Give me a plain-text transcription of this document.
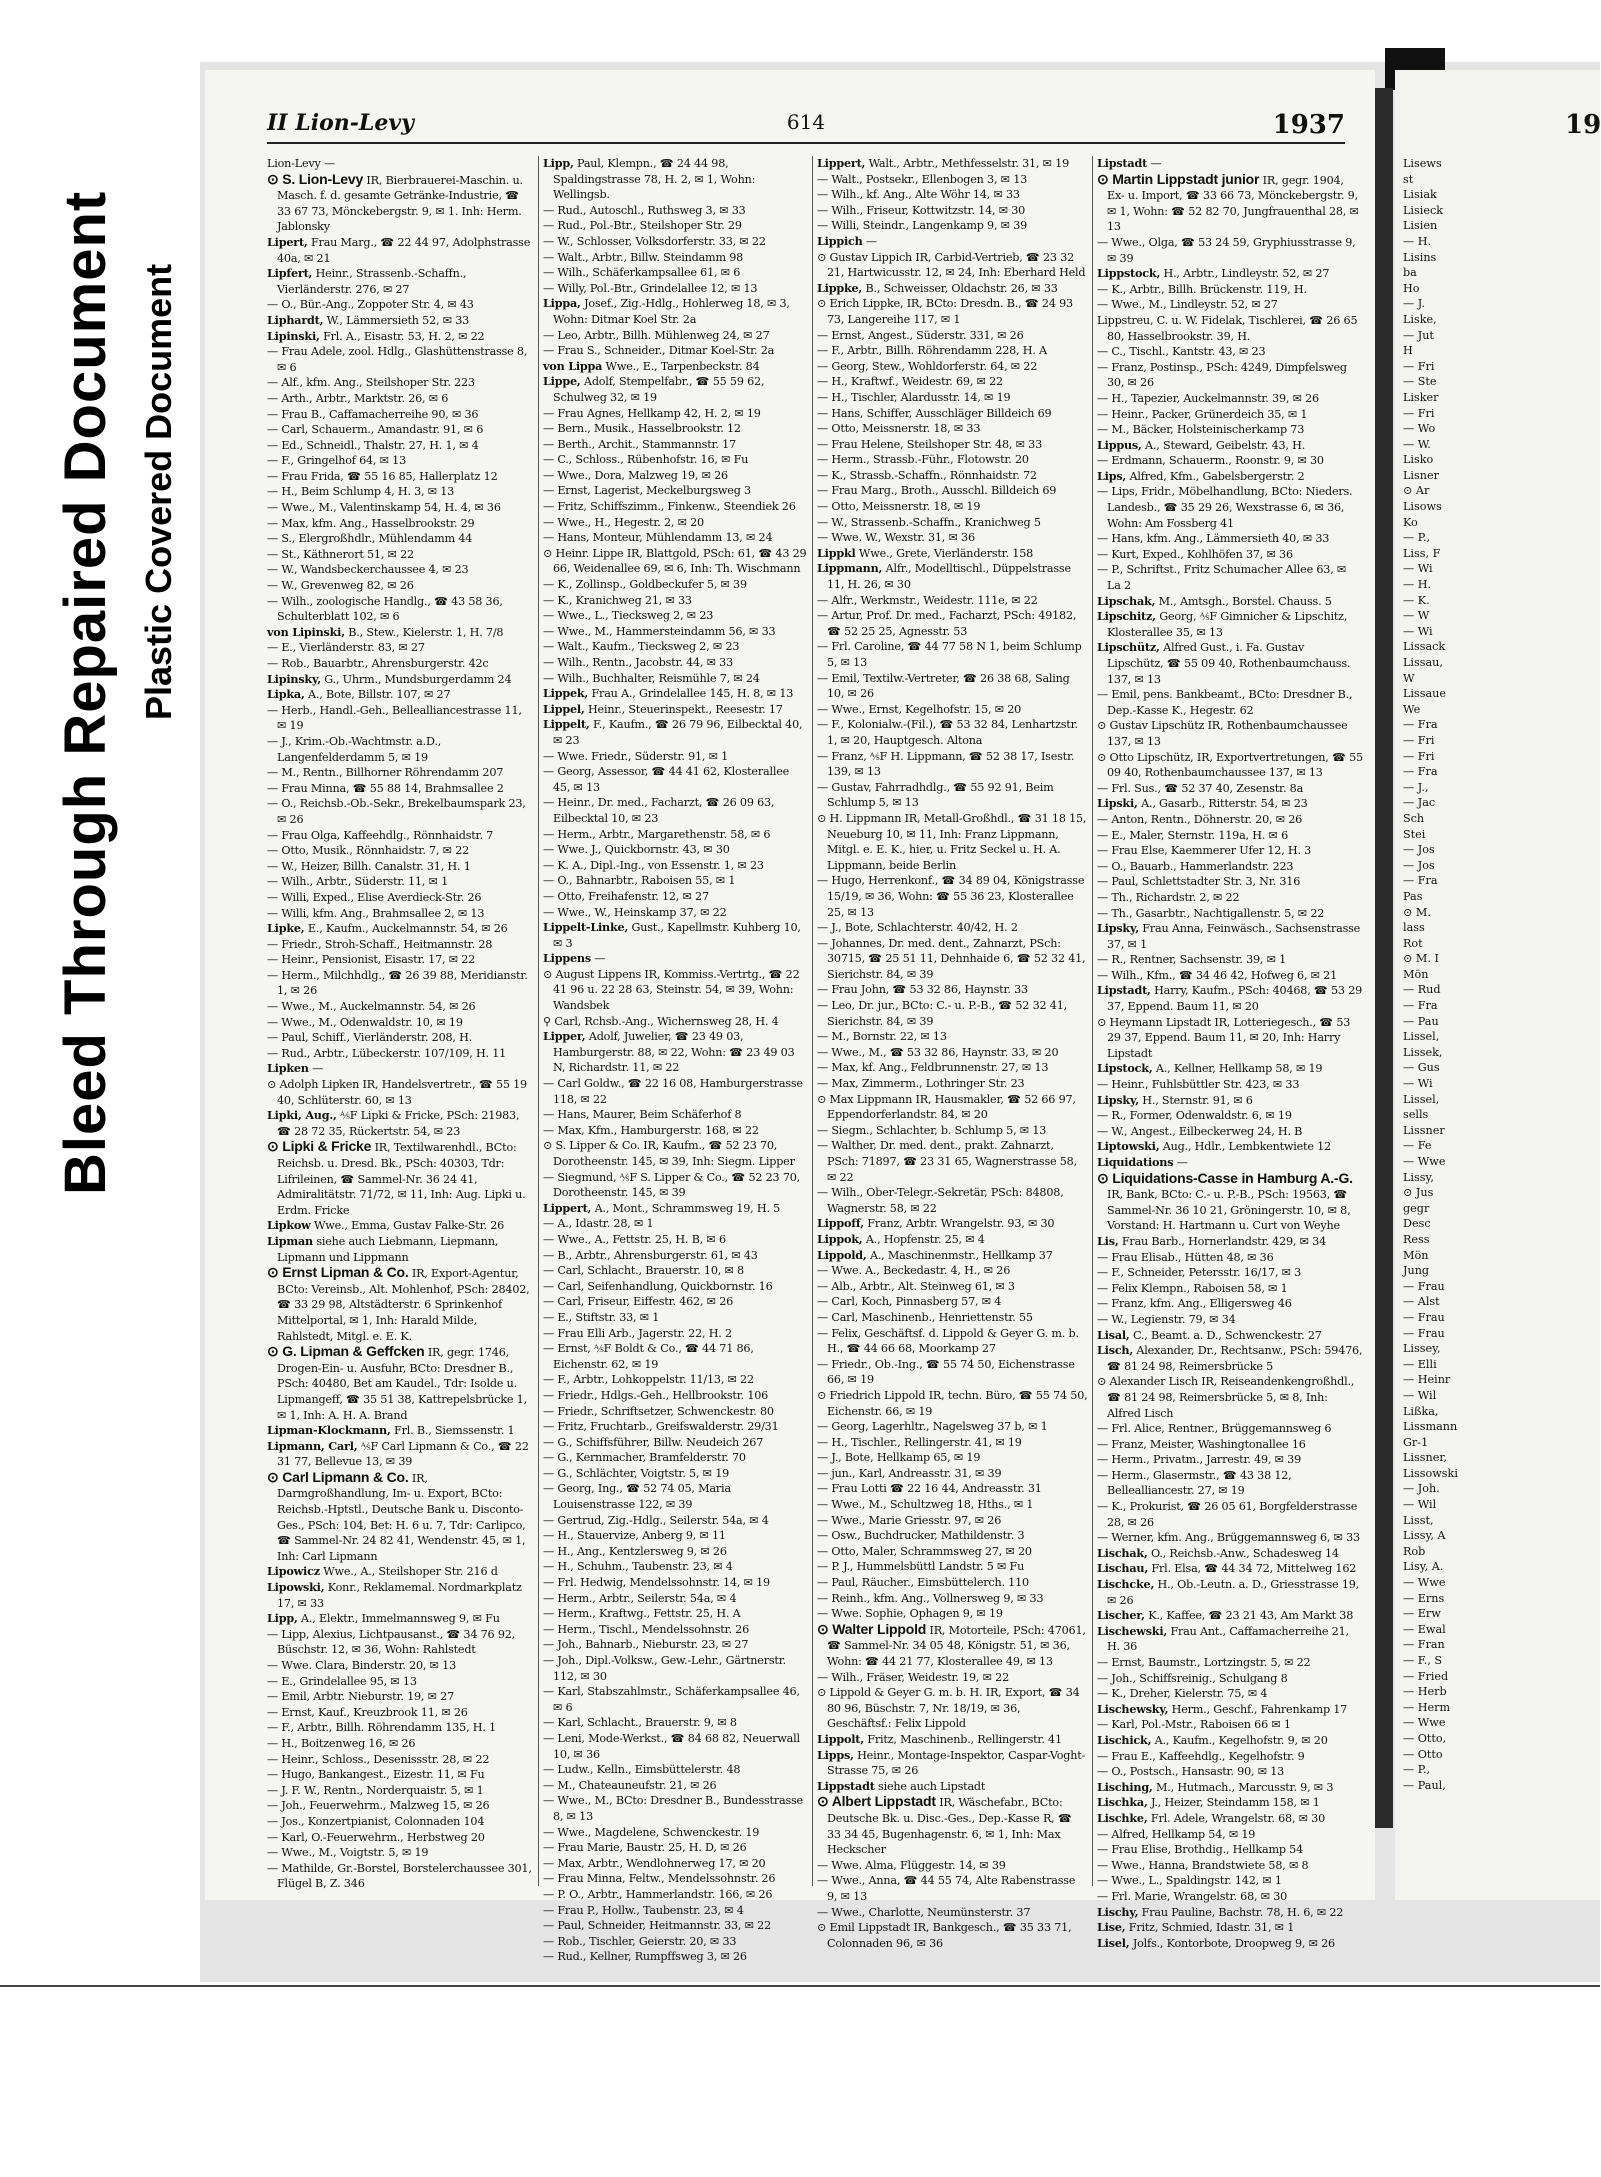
Bleed Through Repaired Document Plastic Covered Document
II Lion-Levy	614	1937
Lion-Levy —
⊙ S. Lion-Levy IR, Bierbrauerei-Maschin. u. Masch. f. d. gesamte Getränke-Industrie, ☎ 33 67 73, Mönckebergstr. 9, ✉ 1. Inh: Herm. Jablonsky
Lipert, Frau Marg., ☎ 22 44 97, Adolphstrasse 40a, ✉ 21
Lipfert, Heinr., Strassenb.-Schaffn., Vierländerstr. 276, ✉ 27
— O., Bür.-Ang., Zoppoter Str. 4, ✉ 43
Liphardt, W., Lämmersieth 52, ✉ 33
Lipinski, Frl. A., Eisastr. 53, H. 2, ✉ 22
— Frau Adele, zool. Hdlg., Glashüttenstrasse 8, ✉ 6
— Alf., kfm. Ang., Steilshoper Str. 223
— Arth., Arbtr., Marktstr. 26, ✉ 6
— Frau B., Caffamacherreihe 90, ✉ 36
— Carl, Schauerm., Amandastr. 91, ✉ 6
— Ed., Schneidl., Thalstr. 27, H. 1, ✉ 4
— F., Gringelhof 64, ✉ 13
— Frau Frida, ☎ 55 16 85, Hallerplatz 12
— H., Beim Schlump 4, H. 3, ✉ 13
— Wwe., M., Valentinskamp 54, H. 4, ✉ 36
— Max, kfm. Ang., Hasselbrookstr. 29
— S., Elergroßhdlr., Mühlendamm 44
— St., Käthnerort 51, ✉ 22
— W., Wandsbeckerchaussee 4, ✉ 23
— W., Grevenweg 82, ✉ 26
— Wilh., zoologische Handlg., ☎ 43 58 36, Schulterblatt 102, ✉ 6
von Lipinski, B., Stew., Kielerstr. 1, H. 7/8
— E., Vierländerstr. 83, ✉ 27
— Rob., Bauarbtr., Ahrensburgerstr. 42c
Lipinsky, G., Uhrm., Mundsburgerdamm 24
Lipka, A., Bote, Billstr. 107, ✉ 27
— Herb., Handl.-Geh., Bellealliancestrasse 11, ✉ 19
— J., Krim.-Ob.-Wachtmstr. a.D., Langenfelderdamm 5, ✉ 19
— M., Rentn., Billhorner Röhrendamm 207
— Frau Minna, ☎ 55 88 14, Brahmsallee 2
— O., Reichsb.-Ob.-Sekr., Brekelbaumspark 23, ✉ 26
— Frau Olga, Kaffeehdlg., Rönnhaidstr. 7
— Otto, Musik., Rönnhaidstr. 7, ✉ 22
— W., Heizer, Billh. Canalstr. 31, H. 1
— Wilh., Arbtr., Süderstr. 11, ✉ 1
— Willi, Exped., Elise Averdieck-Str. 26
— Willi, kfm. Ang., Brahmsallee 2, ✉ 13
Lipke, E., Kaufm., Auckelmannstr. 54, ✉ 26
— Friedr., Stroh-Schaff., Heitmannstr. 28
— Heinr., Pensionist, Eisastr. 17, ✉ 22
— Herm., Milchhdlg., ☎ 26 39 88, Meridianstr. 1, ✉ 26
— Wwe., M., Auckelmannstr. 54, ✉ 26
— Wwe., M., Odenwaldstr. 10, ✉ 19
— Paul, Schiff., Vierländerstr. 208, H.
— Rud., Arbtr., Lübeckerstr. 107/109, H. 11
Lipken —
⊙ Adolph Lipken IR, Handelsvertretr., ☎ 55 19 40, Schlüterstr. 60, ✉ 13
Lipki, Aug., ⅍F Lipki & Fricke, PSch: 21983, ☎ 28 72 35, Rückertstr. 54, ✉ 23
⊙ Lipki & Fricke IR, Textilwarenhdl., BCto: Reichsb. u. Dresd. Bk., PSch: 40303, Tdr: Lifrileinen, ☎ Sammel-Nr. 36 24 41, Admiralitätstr. 71/72, ✉ 11, Inh: Aug. Lipki u. Erdm. Fricke
Lipkow Wwe., Emma, Gustav Falke-Str. 26
Lipman siehe auch Liebmann, Liepmann, Lipmann und Lippmann
⊙ Ernst Lipman & Co. IR, Export-Agentur, BCto: Vereinsb., Alt. Mohlenhof, PSch: 28402, ☎ 33 29 98, Altstädterstr. 6 Sprinkenhof Mittelportal, ✉ 1, Inh: Harald Milde, Rahlstedt, Mitgl. e. E. K.
⊙ G. Lipman & Geffcken IR, gegr. 1746, Drogen-Ein- u. Ausfuhr, BCto: Dresdner B., PSch: 40480, Bet am Kaudel., Tdr: Isolde u. Lipmangeff, ☎ 35 51 38, Kattrepelsbrücke 1, ✉ 1, Inh: A. H. A. Brand
Lipman-Klockmann, Frl. B., Siemssenstr. 1
Lipmann, Carl, ⅍F Carl Lipmann & Co., ☎ 22 31 77, Bellevue 13, ✉ 39
⊙ Carl Lipmann & Co. IR, Darmgroßhandlung, Im- u. Export, BCto: Reichsb.-Hptstl., Deutsche Bank u. Disconto-Ges., PSch: 104, Bet: H. 6 u. 7, Tdr: Carlipco, ☎ Sammel-Nr. 24 82 41, Wendenstr. 45, ✉ 1, Inh: Carl Lipmann
Lipowicz Wwe., A., Steilshoper Str. 216 d
Lipowski, Konr., Reklamemal. Nordmarkplatz 17, ✉ 33
Lipp, A., Elektr., Immelmannsweg 9, ✉ Fu
— Lipp, Alexius, Lichtpausanst., ☎ 34 76 92, Büschstr. 12, ✉ 36, Wohn: Rahlstedt
— Wwe. Clara, Binderstr. 20, ✉ 13
— E., Grindelallee 95, ✉ 13
— Emil, Arbtr. Nieburstr. 19, ✉ 27
— Ernst, Kauf., Kreuzbrook 11, ✉ 26
— F., Arbtr., Billh. Röhrendamm 135, H. 1
— H., Boitzenweg 16, ✉ 26
— Heinr., Schloss., Desenissstr. 28, ✉ 22
— Hugo, Bankangest., Eizestr. 11, ✉ Fu
— J. F. W., Rentn., Norderquaistr. 5, ✉ 1
— Joh., Feuerwehrm., Malzweg 15, ✉ 26
— Jos., Konzertpianist, Colonnaden 104
— Karl, O.-Feuerwehrm., Herbstweg 20
— Wwe., M., Voigtstr. 5, ✉ 19
— Mathilde, Gr.-Borstel, Borstelerchaussee 301, Flügel B, Z. 346
Lipp, Paul, Klempn., ☎ 24 44 98, Spaldingstrasse 78, H. 2, ✉ 1, Wohn: Wellingsb.
— Rud., Autoschl., Ruthsweg 3, ✉ 33
— Rud., Pol.-Btr., Steilshoper Str. 29
— W., Schlosser, Volksdorferstr. 33, ✉ 22
— Walt., Arbtr., Billw. Steindamm 98
— Wilh., Schäferkampsallee 61, ✉ 6
— Willy, Pol.-Btr., Grindelallee 12, ✉ 13
Lippa, Josef., Zig.-Hdlg., Hohlerweg 18, ✉ 3, Wohn: Ditmar Koel Str. 2a
— Leo, Arbtr., Billh. Mühlenweg 24, ✉ 27
— Frau S., Schneider., Ditmar Koel-Str. 2a
von Lippa Wwe., E., Tarpenbeckstr. 84
Lippe, Adolf, Stempelfabr., ☎ 55 59 62, Schulweg 32, ✉ 19
— Frau Agnes, Hellkamp 42, H. 2, ✉ 19
— Bern., Musik., Hasselbrookstr. 12
— Berth., Archit., Stammannstr. 17
— C., Schloss., Rübenhofstr. 16, ✉ Fu
— Wwe., Dora, Malzweg 19, ✉ 26
— Ernst, Lagerist, Meckelburgsweg 3
— Fritz, Schiffszimm., Finkenw., Steendiek 26
— Wwe., H., Hegestr. 2, ✉ 20
— Hans, Monteur, Mühlendamm 13, ✉ 24
⊙ Heinr. Lippe IR, Blattgold, PSch: 61, ☎ 43 29 66, Weidenallee 69, ✉ 6, Inh: Th. Wischmann
— K., Zollinsp., Goldbeckufer 5, ✉ 39
— K., Kranichweg 21, ✉ 33
— Wwe., L., Tiecksweg 2, ✉ 23
— Wwe., M., Hammersteindamm 56, ✉ 33
— Walt., Kaufm., Tiecksweg 2, ✉ 23
— Wilh., Rentn., Jacobstr. 44, ✉ 33
— Wilh., Buchhalter, Reismühle 7, ✉ 24
Lippek, Frau A., Grindelallee 145, H. 8, ✉ 13
Lippel, Heinr., Steuerinspekt., Reesestr. 17
Lippelt, F., Kaufm., ☎ 26 79 96, Eilbecktal 40, ✉ 23
— Wwe. Friedr., Süderstr. 91, ✉ 1
— Georg, Assessor, ☎ 44 41 62, Klosterallee 45, ✉ 13
— Heinr., Dr. med., Facharzt, ☎ 26 09 63, Eilbecktal 10, ✉ 23
— Herm., Arbtr., Margarethenstr. 58, ✉ 6
— Wwe. J., Quickbornstr. 43, ✉ 30
— K. A., Dipl.-Ing., von Essenstr. 1, ✉ 23
— O., Bahnarbtr., Raboisen 55, ✉ 1
— Otto, Freihafenstr. 12, ✉ 27
— Wwe., W., Heinskamp 37, ✉ 22
Lippelt-Linke, Gust., Kapellmstr. Kuhberg 10, ✉ 3
Lippens —
⊙ August Lippens IR, Kommiss.-Vertrtg., ☎ 22 41 96 u. 22 28 63, Steinstr. 54, ✉ 39, Wohn: Wandsbek
⚲ Carl, Rchsb.-Ang., Wichernsweg 28, H. 4
Lipper, Adolf, Juwelier, ☎ 23 49 03, Hamburgerstr. 88, ✉ 22, Wohn: ☎ 23 49 03 N, Richardstr. 11, ✉ 22
— Carl Goldw., ☎ 22 16 08, Hamburgerstrasse 118, ✉ 22
— Hans, Maurer, Beim Schäferhof 8
— Max, Kfm., Hamburgerstr. 168, ✉ 22
⊙ S. Lipper & Co. IR, Kaufm., ☎ 52 23 70, Dorotheenstr. 145, ✉ 39, Inh: Siegm. Lipper
— Siegmund, ⅍F S. Lipper & Co., ☎ 52 23 70, Dorotheenstr. 145, ✉ 39
Lippert, A., Mont., Schrammsweg 19, H. 5
— A., Idastr. 28, ✉ 1
— Wwe., A., Fettstr. 25, H. B, ✉ 6
— B., Arbtr., Ahrensburgerstr. 61, ✉ 43
— Carl, Schlacht., Brauerstr. 10, ✉ 8
— Carl, Seifenhandlung, Quickbornstr. 16
— Carl, Friseur, Eiffestr. 462, ✉ 26
— E., Stiftstr. 33, ✉ 1
— Frau Elli Arb., Jagerstr. 22, H. 2
— Ernst, ⅍F Boldt & Co., ☎ 44 71 86, Eichenstr. 62, ✉ 19
— F., Arbtr., Lohkoppelstr. 11/13, ✉ 22
— Friedr., Hdlgs.-Geh., Hellbrookstr. 106
— Friedr., Schriftsetzer, Schwenckestr. 80
— Fritz, Fruchtarb., Greifswalderstr. 29/31
— G., Schiffsführer, Billw. Neudeich 267
— G., Kernmacher, Bramfelderstr. 70
— G., Schlächter, Voigtstr. 5, ✉ 19
— Georg, Ing., ☎ 52 74 05, Maria Louisenstrasse 122, ✉ 39
— Gertrud, Zig.-Hdlg., Seilerstr. 54a, ✉ 4
— H., Stauervize, Anberg 9, ✉ 11
— H., Ang., Kentzlersweg 9, ✉ 26
— H., Schuhm., Taubenstr. 23, ✉ 4
— Frl. Hedwig, Mendelssohnstr. 14, ✉ 19
— Herm., Arbtr., Seilerstr. 54a, ✉ 4
— Herm., Kraftwg., Fettstr. 25, H. A
— Herm., Tischl., Mendelssohnstr. 26
— Joh., Bahnarb., Nieburstr. 23, ✉ 27
— Joh., Dipl.-Volksw., Gew.-Lehr., Gärtnerstr. 112, ✉ 30
— Karl, Stabszahlmstr., Schäferkampsallee 46, ✉ 6
— Karl, Schlacht., Brauerstr. 9, ✉ 8
— Leni, Mode-Werkst., ☎ 84 68 82, Neuerwall 10, ✉ 36
— Ludw., Kelln., Eimsbüttelerstr. 48
— M., Chateauneufstr. 21, ✉ 26
— Wwe., M., BCto: Dresdner B., Bundesstrasse 8, ✉ 13
— Wwe., Magdelene, Schwenckestr. 19
— Frau Marie, Baustr. 25, H. D, ✉ 26
— Max, Arbtr., Wendlohnerweg 17, ✉ 20
— Frau Minna, Feltw., Mendelssohnstr. 26
— P. O., Arbtr., Hammerlandstr. 166, ✉ 26
— Frau P., Hollw., Taubenstr. 23, ✉ 4
— Paul, Schneider, Heitmannstr. 33, ✉ 22
— Rob., Tischler, Geierstr. 20, ✉ 33
— Rud., Kellner, Rumpffsweg 3, ✉ 26
Lippert, Walt., Arbtr., Methfesselstr. 31, ✉ 19
— Walt., Postsekr., Ellenbogen 3, ✉ 13
— Wilh., kf. Ang., Alte Wöhr 14, ✉ 33
— Wilh., Friseur, Kottwitzstr. 14, ✉ 30
— Willi, Steindr., Langenkamp 9, ✉ 39
Lippich —
⊙ Gustav Lippich IR, Carbid-Vertrieb, ☎ 23 32 21, Hartwicusstr. 12, ✉ 24, Inh: Eberhard Held
Lippke, B., Schweisser, Oldachstr. 26, ✉ 33
⊙ Erich Lippke, IR, BCto: Dresdn. B., ☎ 24 93 73, Langereihe 117, ✉ 1
— Ernst, Angest., Süderstr. 331, ✉ 26
— F., Arbtr., Billh. Röhrendamm 228, H. A
— Georg, Stew., Wohldorferstr. 64, ✉ 22
— H., Kraftwf., Weidestr. 69, ✉ 22
— H., Tischler, Alardusstr. 14, ✉ 19
— Hans, Schiffer, Ausschläger Billdeich 69
— Otto, Meissnerstr. 18, ✉ 33
— Frau Helene, Steilshoper Str. 48, ✉ 33
— Herm., Strassb.-Führ., Flotowstr. 20
— K., Strassb.-Schaffn., Rönnhaidstr. 72
— Frau Marg., Broth., Ausschl. Billdeich 69
— Otto, Meissnerstr. 18, ✉ 19
— W., Strassenb.-Schaffn., Kranichweg 5
— Wwe. W., Wexstr. 31, ✉ 36
Lippkl Wwe., Grete, Vierländerstr. 158
Lippmann, Alfr., Modelltischl., Düppelstrasse 11, H. 26, ✉ 30
— Alfr., Werkmstr., Weidestr. 111e, ✉ 22
— Artur, Prof. Dr. med., Facharzt, PSch: 49182, ☎ 52 25 25, Agnesstr. 53
— Frl. Caroline, ☎ 44 77 58 N 1, beim Schlump 5, ✉ 13
— Emil, Textilw.-Vertreter, ☎ 26 38 68, Saling 10, ✉ 26
— Wwe., Ernst, Kegelhofstr. 15, ✉ 20
— F., Kolonialw.-(Fil.), ☎ 53 32 84, Lenhartzstr. 1, ✉ 20, Hauptgesch. Altona
— Franz, ⅍F H. Lippmann, ☎ 52 38 17, Isestr. 139, ✉ 13
— Gustav, Fahrradhdlg., ☎ 55 92 91, Beim Schlump 5, ✉ 13
⊙ H. Lippmann IR, Metall-Großhdl., ☎ 31 18 15, Neueburg 10, ✉ 11, Inh: Franz Lippmann, Mitgl. e. E. K., hier, u. Fritz Seckel u. H. A. Lippmann, beide Berlin
— Hugo, Herrenkonf., ☎ 34 89 04, Königstrasse 15/19, ✉ 36, Wohn: ☎ 55 36 23, Klosterallee 25, ✉ 13
— J., Bote, Schlachterstr. 40/42, H. 2
— Johannes, Dr. med. dent., Zahnarzt, PSch: 30715, ☎ 25 51 11, Dehnhaide 6, ☎ 52 32 41, Sierichstr. 84, ✉ 39
— Frau John, ☎ 53 32 86, Haynstr. 33
— Leo, Dr. jur., BCto: C.- u. P.-B., ☎ 52 32 41, Sierichstr. 84, ✉ 39
— M., Bornstr. 22, ✉ 13
— Wwe., M., ☎ 53 32 86, Haynstr. 33, ✉ 20
— Max, kf. Ang., Feldbrunnenstr. 27, ✉ 13
— Max, Zimmerm., Lothringer Str. 23
⊙ Max Lippmann IR, Hausmakler, ☎ 52 66 97, Eppendorferlandstr. 84, ✉ 20
— Siegm., Schlachter, b. Schlump 5, ✉ 13
— Walther, Dr. med. dent., prakt. Zahnarzt, PSch: 71897, ☎ 23 31 65, Wagnerstrasse 58, ✉ 22
— Wilh., Ober-Telegr.-Sekretär, PSch: 84808, Wagnerstr. 58, ✉ 22
Lippoff, Franz, Arbtr. Wrangelstr. 93, ✉ 30
Lippok, A., Hopfenstr. 25, ✉ 4
Lippold, A., Maschinenmstr., Hellkamp 37
— Wwe. A., Beckedastr. 4, H., ✉ 26
— Alb., Arbtr., Alt. Steinweg 61, ✉ 3
— Carl, Koch, Pinnasberg 57, ✉ 4
— Carl, Maschinenb., Henriettenstr. 55
— Felix, Geschäftsf. d. Lippold & Geyer G. m. b. H., ☎ 44 66 68, Moorkamp 27
— Friedr., Ob.-Ing., ☎ 55 74 50, Eichenstrasse 66, ✉ 19
⊙ Friedrich Lippold IR, techn. Büro, ☎ 55 74 50, Eichenstr. 66, ✉ 19
— Georg, Lagerhltr., Nagelsweg 37 b, ✉ 1
— H., Tischler., Rellingerstr. 41, ✉ 19
— J., Bote, Hellkamp 65, ✉ 19
— jun., Karl, Andreasstr. 31, ✉ 39
— Frau Lotti ☎ 22 16 44, Andreasstr. 31
— Wwe., M., Schultzweg 18, Hths., ✉ 1
— Wwe., Marie Griesstr. 97, ✉ 26
— Osw., Buchdrucker, Mathildenstr. 3
— Otto, Maler, Schrammsweg 27, ✉ 20
— P. J., Hummelsbüttl Landstr. 5 ✉ Fu
— Paul, Räucher., Eimsbüttelerch. 110
— Reinh., kfm. Ang., Vollnersweg 9, ✉ 33
— Wwe. Sophie, Ophagen 9, ✉ 19
⊙ Walter Lippold IR, Motorteile, PSch: 47061, ☎ Sammel-Nr. 34 05 48, Königstr. 51, ✉ 36, Wohn: ☎ 44 21 77, Klosterallee 49, ✉ 13
— Wilh., Fräser, Weidestr. 19, ✉ 22
⊙ Lippold & Geyer G. m. b. H. IR, Export, ☎ 34 80 96, Büschstr. 7, Nr. 18/19, ✉ 36, Geschäftsf.: Felix Lippold
Lippolt, Fritz, Maschinenb., Rellingerstr. 41
Lipps, Heinr., Montage-Inspektor, Caspar-Voght-Strasse 75, ✉ 26
Lippstadt siehe auch Lipstadt
⊙ Albert Lippstadt IR, Wäschefabr., BCto: Deutsche Bk. u. Disc.-Ges., Dep.-Kasse R, ☎ 33 34 45, Bugenhagenstr. 6, ✉ 1, Inh: Max Heckscher
— Wwe. Alma, Flüggestr. 14, ✉ 39
— Wwe., Anna, ☎ 44 55 74, Alte Rabenstrasse 9, ✉ 13
— Wwe., Charlotte, Neumünsterstr. 37
⊙ Emil Lippstadt IR, Bankgesch., ☎ 35 33 71, Colonnaden 96, ✉ 36
Lipstadt —
⊙ Martin Lippstadt junior IR, gegr. 1904, Ex- u. Import, ☎ 33 66 73, Mönckebergstr. 9, ✉ 1, Wohn: ☎ 52 82 70, Jungfrauenthal 28, ✉ 13
— Wwe., Olga, ☎ 53 24 59, Gryphiusstrasse 9, ✉ 39
Lippstock, H., Arbtr., Lindleystr. 52, ✉ 27
— K., Arbtr., Billh. Brückenstr. 119, H.
— Wwe., M., Lindleystr. 52, ✉ 27
Lippstreu, C. u. W. Fidelak, Tischlerei, ☎ 26 65 80, Hasselbrookstr. 39, H.
— C., Tischl., Kantstr. 43, ✉ 23
— Franz, Postinsp., PSch: 4249, Dimpfelsweg 30, ✉ 26
— H., Tapezier, Auckelmannstr. 39, ✉ 26
— Heinr., Packer, Grünerdeich 35, ✉ 1
— M., Bäcker, Holsteinischerkamp 73
Lippus, A., Steward, Geibelstr. 43, H.
— Erdmann, Schauerm., Roonstr. 9, ✉ 30
Lips, Alfred, Kfm., Gabelsbergerstr. 2
— Lips, Fridr., Möbelhandlung, BCto: Nieders. Landesb., ☎ 35 29 26, Wexstrasse 6, ✉ 36, Wohn: Am Fossberg 41
— Hans, kfm. Ang., Lämmersieth 40, ✉ 33
— Kurt, Exped., Kohlhöfen 37, ✉ 36
— P., Schriftst., Fritz Schumacher Allee 63, ✉ La 2
Lipschak, M., Amtsgh., Borstel. Chauss. 5
Lipschitz, Georg, ⅍F Gimnicher & Lipschitz, Klosterallee 35, ✉ 13
Lipschütz, Alfred Gust., i. Fa. Gustav Lipschütz, ☎ 55 09 40, Rothenbaumchauss. 137, ✉ 13
— Emil, pens. Bankbeamt., BCto: Dresdner B., Dep.-Kasse K., Hegestr. 62
⊙ Gustav Lipschütz IR, Rothenbaumchaussee 137, ✉ 13
⊙ Otto Lipschütz, IR, Exportvertretungen, ☎ 55 09 40, Rothenbaumchaussee 137, ✉ 13
— Frl. Sus., ☎ 52 37 40, Zesenstr. 8a
Lipski, A., Gasarb., Ritterstr. 54, ✉ 23
— Anton, Rentn., Döhnerstr. 20, ✉ 26
— E., Maler, Sternstr. 119a, H. ✉ 6
— Frau Else, Kaemmerer Ufer 12, H. 3
— O., Bauarb., Hammerlandstr. 223
— Paul, Schlettstadter Str. 3, Nr. 316
— Th., Richardstr. 2, ✉ 22
— Th., Gasarbtr., Nachtigallenstr. 5, ✉ 22
Lipsky, Frau Anna, Feinwäsch., Sachsenstrasse 37, ✉ 1
— R., Rentner, Sachsenstr. 39, ✉ 1
— Wilh., Kfm., ☎ 34 46 42, Hofweg 6, ✉ 21
Lipstadt, Harry, Kaufm., PSch: 40468, ☎ 53 29 37, Eppend. Baum 11, ✉ 20
⊙ Heymann Lipstadt IR, Lotteriegesch., ☎ 53 29 37, Eppend. Baum 11, ✉ 20, Inh: Harry Lipstadt
Lipstock, A., Kellner, Hellkamp 58, ✉ 19
— Heinr., Fuhlsbüttler Str. 423, ✉ 33
Lipsky, H., Sternstr. 91, ✉ 6
— R., Former, Odenwaldstr. 6, ✉ 19
— W., Angest., Eilbeckerweg 24, H. B
Liptowski, Aug., Hdlr., Lembkentwiete 12
Liquidations —
⊙ Liquidations-Casse in Hamburg A.-G. IR, Bank, BCto: C.- u. P.-B., PSch: 19563, ☎ Sammel-Nr. 36 10 21, Gröningerstr. 10, ✉ 8, Vorstand: H. Hartmann u. Curt von Weyhe
Lis, Frau Barb., Hornerlandstr. 429, ✉ 34
— Frau Elisab., Hütten 48, ✉ 36
— F., Schneider, Petersstr. 16/17, ✉ 3
— Felix Klempn., Raboisen 58, ✉ 1
— Franz, kfm. Ang., Elligersweg 46
— W., Legienstr. 79, ✉ 34
Lisal, C., Beamt. a. D., Schwenckestr. 27
Lisch, Alexander, Dr., Rechtsanw., PSch: 59476, ☎ 81 24 98, Reimersbrücke 5
⊙ Alexander Lisch IR, Reiseandenkengroßhdl., ☎ 81 24 98, Reimersbrücke 5, ✉ 8, Inh: Alfred Lisch
— Frl. Alice, Rentner., Brüggemannsweg 6
— Franz, Meister, Washingtonallee 16
— Herm., Privatm., Jarrestr. 49, ✉ 39
— Herm., Glasermstr., ☎ 43 38 12, Bellealliancestr. 27, ✉ 19
— K., Prokurist, ☎ 26 05 61, Borgfelderstrasse 28, ✉ 26
— Werner, kfm. Ang., Brüggemannsweg 6, ✉ 33
Lischak, O., Reichsb.-Anw., Schadesweg 14
Lischau, Frl. Elsa, ☎ 44 34 72, Mittelweg 162
Lischcke, H., Ob.-Leutn. a. D., Griesstrasse 19, ✉ 26
Lischer, K., Kaffee, ☎ 23 21 43, Am Markt 38
Lischewski, Frau Ant., Caffamacherreihe 21, H. 36
— Ernst, Baumstr., Lortzingstr. 5, ✉ 22
— Joh., Schiffsreinig., Schulgang 8
— K., Dreher, Kielerstr. 75, ✉ 4
Lischewsky, Herm., Geschf., Fahrenkamp 17
— Karl, Pol.-Mstr., Raboisen 66 ✉ 1
Lischick, A., Kaufm., Kegelhofstr. 9, ✉ 20
— Frau E., Kaffeehdlg., Kegelhofstr. 9
— O., Postsch., Hansastr. 90, ✉ 13
Lisching, M., Hutmach., Marcusstr. 9, ✉ 3
Lischka, J., Heizer, Steindamm 158, ✉ 1
Lischke, Frl. Adele, Wrangelstr. 68, ✉ 30
— Alfred, Hellkamp 54, ✉ 19
— Frau Elise, Brothdig., Hellkamp 54
— Wwe., Hanna, Brandstwiete 58, ✉ 8
— Wwe., L., Spaldingstr. 142, ✉ 1
— Frl. Marie, Wrangelstr. 68, ✉ 30
Lischy, Frau Pauline, Bachstr. 78, H. 6, ✉ 22
Lise, Fritz, Schmied, Idastr. 31, ✉ 1
Lisel, Jolfs., Kontorbote, Droopweg 9, ✉ 26
19
Lisews
st
Lisiak
Lisieck
Lisien
— H.
Lisins
ba
Ho
— J.
Liske,
— Jut
H
— Fri
— Ste
Lisker
— Fri
— Wo
— W.
Lisko
Lisner
⊙ Ar
Lisows
Ko
— P.,
Liss, F
— Wi
— H.
— K.
— W
— Wi
Lissack
Lissau,
W
Lissaue
We
— Fra
— Fri
— Fri
— Fra
— J.,
— Jac
Sch
Stei
— Jos
— Jos
— Fra
Pas
⊙ M.
lass
Rot
⊙ M. I
Mön
— Rud
— Fra
— Pau
Lissel,
Lissek,
— Gus
— Wi
Lissel,
sells
Lissner
— Fe
— Wwe
Lissy,
⊙ Jus
gegr
Desc
Ress
Mön
Jung
— Frau
— Alst
— Frau
— Frau
Lissey,
— Elli
— Heinr
— Wil
Lißka,
Lissmann
Gr-1
Lissner,
Lissowski
— Joh.
— Wil
Lisst,
Lissy, A
Rob
Lisy, A.
— Wwe
— Erns
— Erw
— Ewal
— Fran
— F., S
— Fried
— Herb
— Herm
— Wwe
— Otto,
— Otto
— P.,
— Paul,
